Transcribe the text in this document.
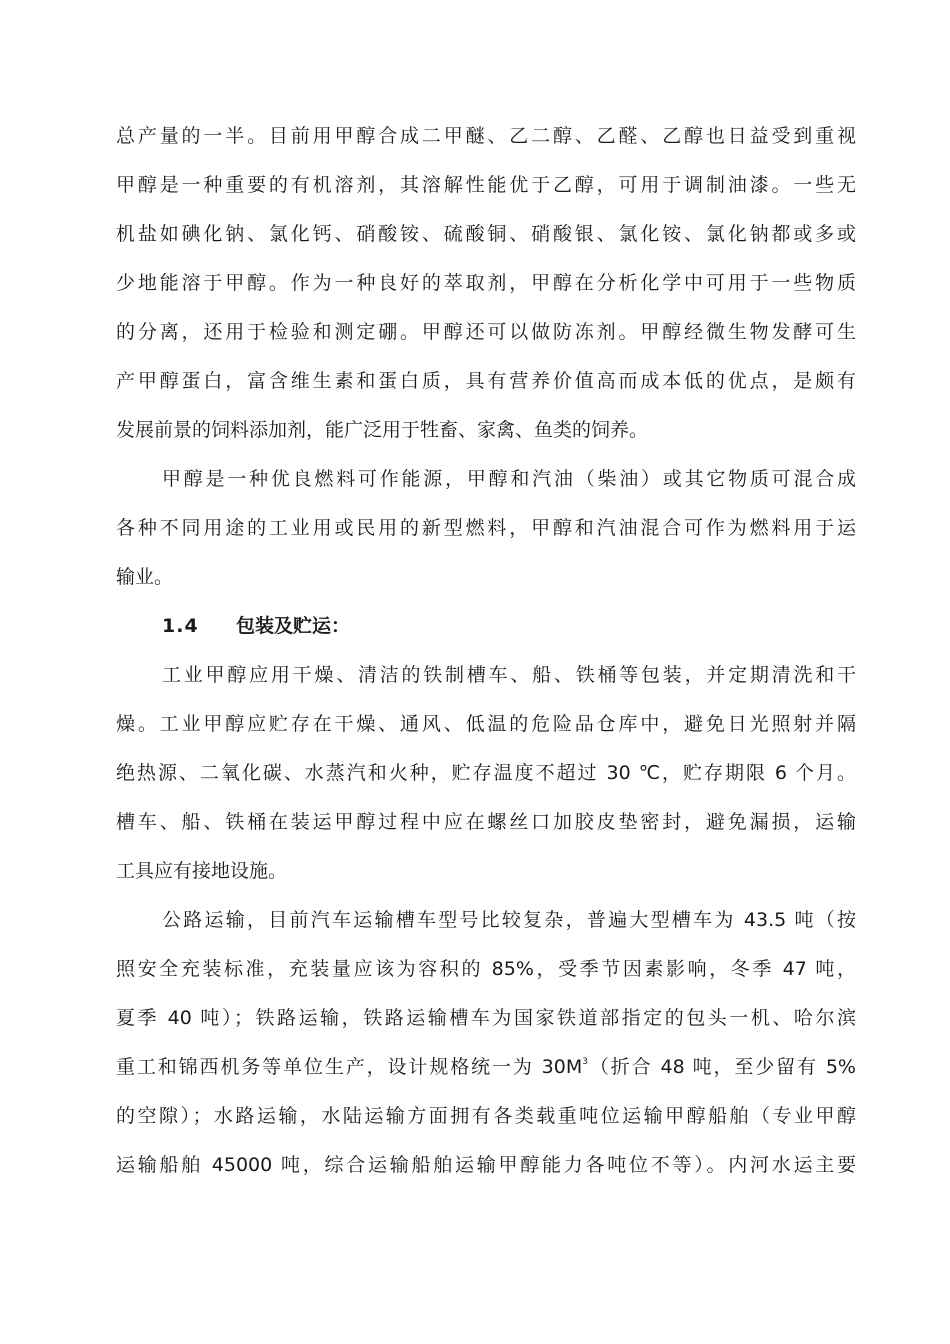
总产量的一半。目前用甲醇合成二甲醚、乙二醇、乙醛、乙醇也日益受到重视
甲醇是一种重要的有机溶剂，其溶解性能优于乙醇，可用于调制油漆。一些无
机盐如碘化钠、氯化钙、硝酸铵、硫酸铜、硝酸银、氯化铵、氯化钠都或多或
少地能溶于甲醇。作为一种良好的萃取剂，甲醇在分析化学中可用于一些物质
的分离，还用于检验和测定硼。甲醇还可以做防冻剂。甲醇经微生物发酵可生
产甲醇蛋白，富含维生素和蛋白质，具有营养价值高而成本低的优点，是颇有
发展前景的饲料添加剂，能广泛用于牲畜、家禽、鱼类的饲养。
甲醇是一种优良燃料可作能源，甲醇和汽油（柴油）或其它物质可混合成
各种不同用途的工业用或民用的新型燃料，甲醇和汽油混合可作为燃料用于运
输业。
1.4 包装及贮运：
工业甲醇应用干燥、清洁的铁制槽车、船、铁桶等包装，并定期清洗和干
燥。工业甲醇应贮存在干燥、通风、低温的危险品仓库中，避免日光照射并隔
绝热源、二氧化碳、水蒸汽和火种，贮存温度不超过 30 ℃，贮存期限 6 个月。
槽车、船、铁桶在装运甲醇过程中应在螺丝口加胶皮垫密封，避免漏损，运输
工具应有接地设施。
公路运输，目前汽车运输槽车型号比较复杂，普遍大型槽车为 43.5 吨（按
照安全充装标准，充装量应该为容积的 85%，受季节因素影响，冬季 47 吨，
夏季 40 吨）；铁路运输，铁路运输槽车为国家铁道部指定的包头一机、哈尔滨
重工和锦西机务等单位生产，设计规格统一为 $30M^3$（折合 48 吨，至少留有 5%
的空隙）；水路运输，水陆运输方面拥有各类载重吨位运输甲醇船舶（专业甲醇
运输船舶 45000 吨，综合运输船舶运输甲醇能力各吨位不等）。内河水运主要
